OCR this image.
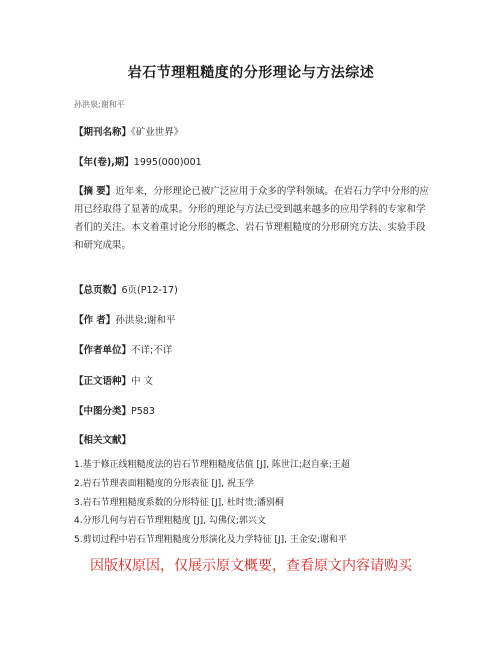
岩石节理粗糙度的分形理论与方法综述
孙洪泉;谢和平
【期刊名称】《矿业世界》
【年(卷),期】1995(000)001
【摘 要】近年来，分形理论已被广泛应用于众多的学科领域。在岩石力学中分形的应用已经取得了显著的成果。分形的理论与方法已受到越来越多的应用学科的专家和学者们的关注。本文着重讨论分形的概念、岩石节理粗糙度的分形研究方法、实验手段和研究成果。
【总页数】6页(P12-17)
【作 者】孙洪泉;谢和平
【作者单位】不详;不详
【正文语种】中 文
【中图分类】P583
【相关文献】
1.基于修正线粗糙度法的岩石节理粗糙度估值 [J], 陈世江;赵自豪;王超
2.岩石节理表面粗糙度的分形表征 [J], 祝玉学
3.岩石节理粗糙度系数的分形特征 [J], 杜时贵;潘别桐
4.分形几何与岩石节理粗糙度 [J], 勾佛仪;郭兴文
5.剪切过程中岩石节理粗糙度分形演化及力学特征 [J], 王金安;谢和平
因版权原因，仅展示原文概要，查看原文内容请购买
